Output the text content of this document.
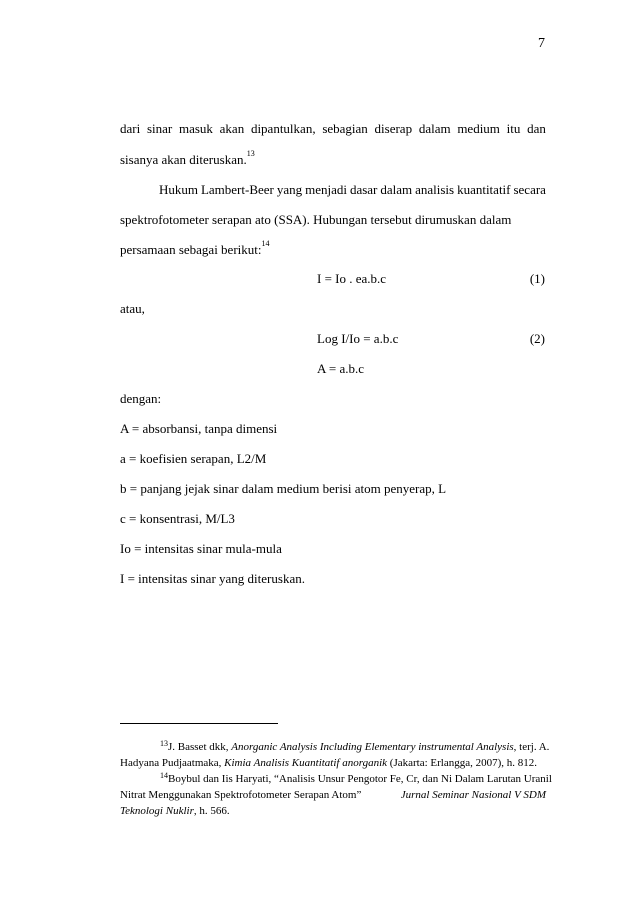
7
dari sinar masuk akan dipantulkan, sebagian diserap dalam medium itu dan
sisanya akan diteruskan.$^{13}$
Hukum Lambert-Beer yang menjadi dasar dalam analisis kuantitatif secara
spektrofotometer serapan ato (SSA). Hubungan tersebut dirumuskan dalam
persamaan sebagai berikut:$^{14}$
I = Io . ea.b.c	(1)
atau,
Log I/Io = a.b.c	(2)
A = a.b.c
dengan:
A = absorbansi, tanpa dimensi
a = koefisien serapan, L2/M
b = panjang jejak sinar dalam medium berisi atom penyerap, L
c = konsentrasi, M/L3
Io = intensitas sinar mula-mula
I = intensitas sinar yang diteruskan.
$^{13}$J. Basset dkk, Anorganic Analysis Including Elementary instrumental Analysis, terj. A.
Hadyana Pudjaatmaka, Kimia Analisis Kuantitatif anorganik (Jakarta: Erlangga, 2007), h. 812.
$^{14}$Boybul dan Iis Haryati, “Analisis Unsur Pengotor Fe, Cr, dan Ni Dalam Larutan Uranil
Nitrat Menggunakan Spektrofotometer Serapan Atom”	Jurnal Seminar Nasional V SDM
Teknologi Nuklir, h. 566.
